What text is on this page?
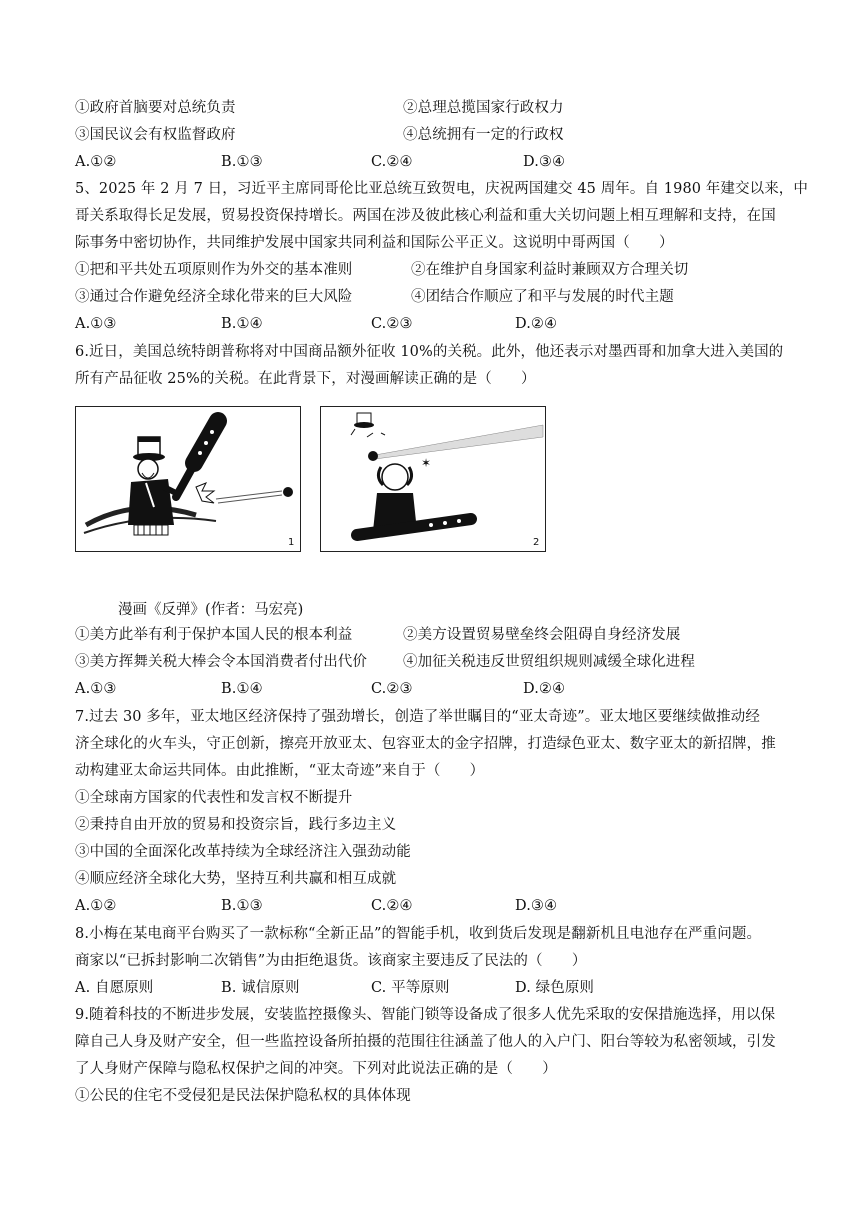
①政府首脑要对总统负责	②总理总揽国家行政权力
③国民议会有权监督政府	④总统拥有一定的行政权
A.①②	B.①③	C.②④	D.③④
5、2025 年 2 月 7 日，习近平主席同哥伦比亚总统互致贺电，庆祝两国建交 45 周年。自 1980 年建交以来，中
哥关系取得长足发展，贸易投资保持增长。两国在涉及彼此核心利益和重大关切问题上相互理解和支持，在国
际事务中密切协作，共同维护发展中国家共同利益和国际公平正义。这说明中哥两国（　　）
①把和平共处五项原则作为外交的基本准则	②在维护自身国家利益时兼顾双方合理关切
③通过合作避免经济全球化带来的巨大风险	④团结合作顺应了和平与发展的时代主题
A.①③	B.①④	C.②③	D.②④
6.近日，美国总统特朗普称将对中国商品额外征收 10%的关税。此外，他还表示对墨西哥和加拿大进入美国的
所有产品征收 25%的关税。在此背景下，对漫画解读正确的是（　　）
1
✶
2
漫画《反弹》(作者：马宏亮)
①美方此举有利于保护本国人民的根本利益	②美方设置贸易壁垒终会阻碍自身经济发展
③美方挥舞关税大棒会令本国消费者付出代价 ④加征关税违反世贸组织规则减缓全球化进程
A.①③	B.①④	C.②③	D.②④
7.过去 30 多年，亚太地区经济保持了强劲增长，创造了举世瞩目的“亚太奇迹”。亚太地区要继续做推动经
济全球化的火车头，守正创新，擦亮开放亚太、包容亚太的金字招牌，打造绿色亚太、数字亚太的新招牌，推
动构建亚太命运共同体。由此推断，“亚太奇迹”来自于（　　）
①全球南方国家的代表性和发言权不断提升
②秉持自由开放的贸易和投资宗旨，践行多边主义
③中国的全面深化改革持续为全球经济注入强劲动能
④顺应经济全球化大势，坚持互利共赢和相互成就
A.①②	B.①③	C.②④	D.③④
8.小梅在某电商平台购买了一款标称“全新正品”的智能手机，收到货后发现是翻新机且电池存在严重问题。
商家以“已拆封影响二次销售”为由拒绝退货。该商家主要违反了民法的（　　）
A. 自愿原则	B. 诚信原则	C. 平等原则	D. 绿色原则
9.随着科技的不断进步发展，安装监控摄像头、智能门锁等设备成了很多人优先采取的安保措施选择，用以保
障自己人身及财产安全，但一些监控设备所拍摄的范围往往涵盖了他人的入户门、阳台等较为私密领域，引发
了人身财产保障与隐私权保护之间的冲突。下列对此说法正确的是（　　）
①公民的住宅不受侵犯是民法保护隐私权的具体体现
